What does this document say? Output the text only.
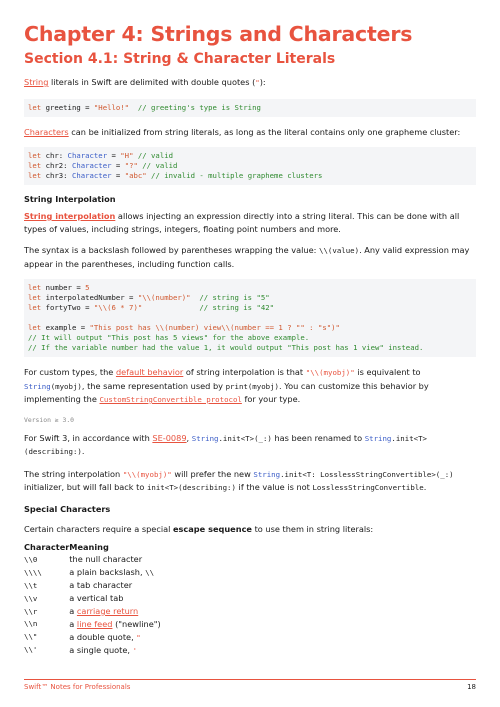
Chapter 4: Strings and Characters
Section 4.1: String & Character Literals

String literals in Swift are delimited with double quotes ("):

let greeting = "Hello!"  // greeting's type is String

Characters can be initialized from string literals, as long as the literal contains only one grapheme cluster:

let chr: Character = "H" // valid
let chr2: Character = "?" // valid
let chr3: Character = "abc" // invalid - multiple grapheme clusters
String Interpolation

String interpolation allows injecting an expression directly into a string literal. This can be done with all types of values, including strings, integers, floating point numbers and more.

The syntax is a backslash followed by parentheses wrapping the value: \\(value). Any valid expression may appear in the parentheses, including function calls.

let number = 5
let interpolatedNumber = "\\(number)"  // string is "5"
let fortyTwo = "\\(6 * 7)"             // string is "42"

let example = "This post has \\(number) view\\(number == 1 ? "" : "s")"
// It will output "This post has 5 views" for the above example.
// If the variable number had the value 1, it would output "This post has 1 view" instead.

For custom types, the default behavior of string interpolation is that "\\(myobj)" is equivalent to String(myobj), the same representation used by print(myobj). You can customize this behavior by implementing the CustomStringConvertible protocol for your type.

Version ≥ 3.0

For Swift 3, in accordance with SE-0089, String.init<T>(_:) has been renamed to String.init<T>(describing:).

The string interpolation "\\(myobj)" will prefer the new String.init<T: LosslessStringConvertible>(_:) initializer, but will fall back to init<T>(describing:) if the value is not LosslessStringConvertible.

Special Characters

Certain characters require a special escape sequence to use them in string literals:

Character	Meaning
\\0	the null character
\\\\	a plain backslash, \\
\\t	a tab character
\\v	a vertical tab
\\r	a carriage return
\\n	a line feed ("newline")
\\"	a double quote, "
\\'	a single quote, '
Swift™ Notes for Professionals	18
